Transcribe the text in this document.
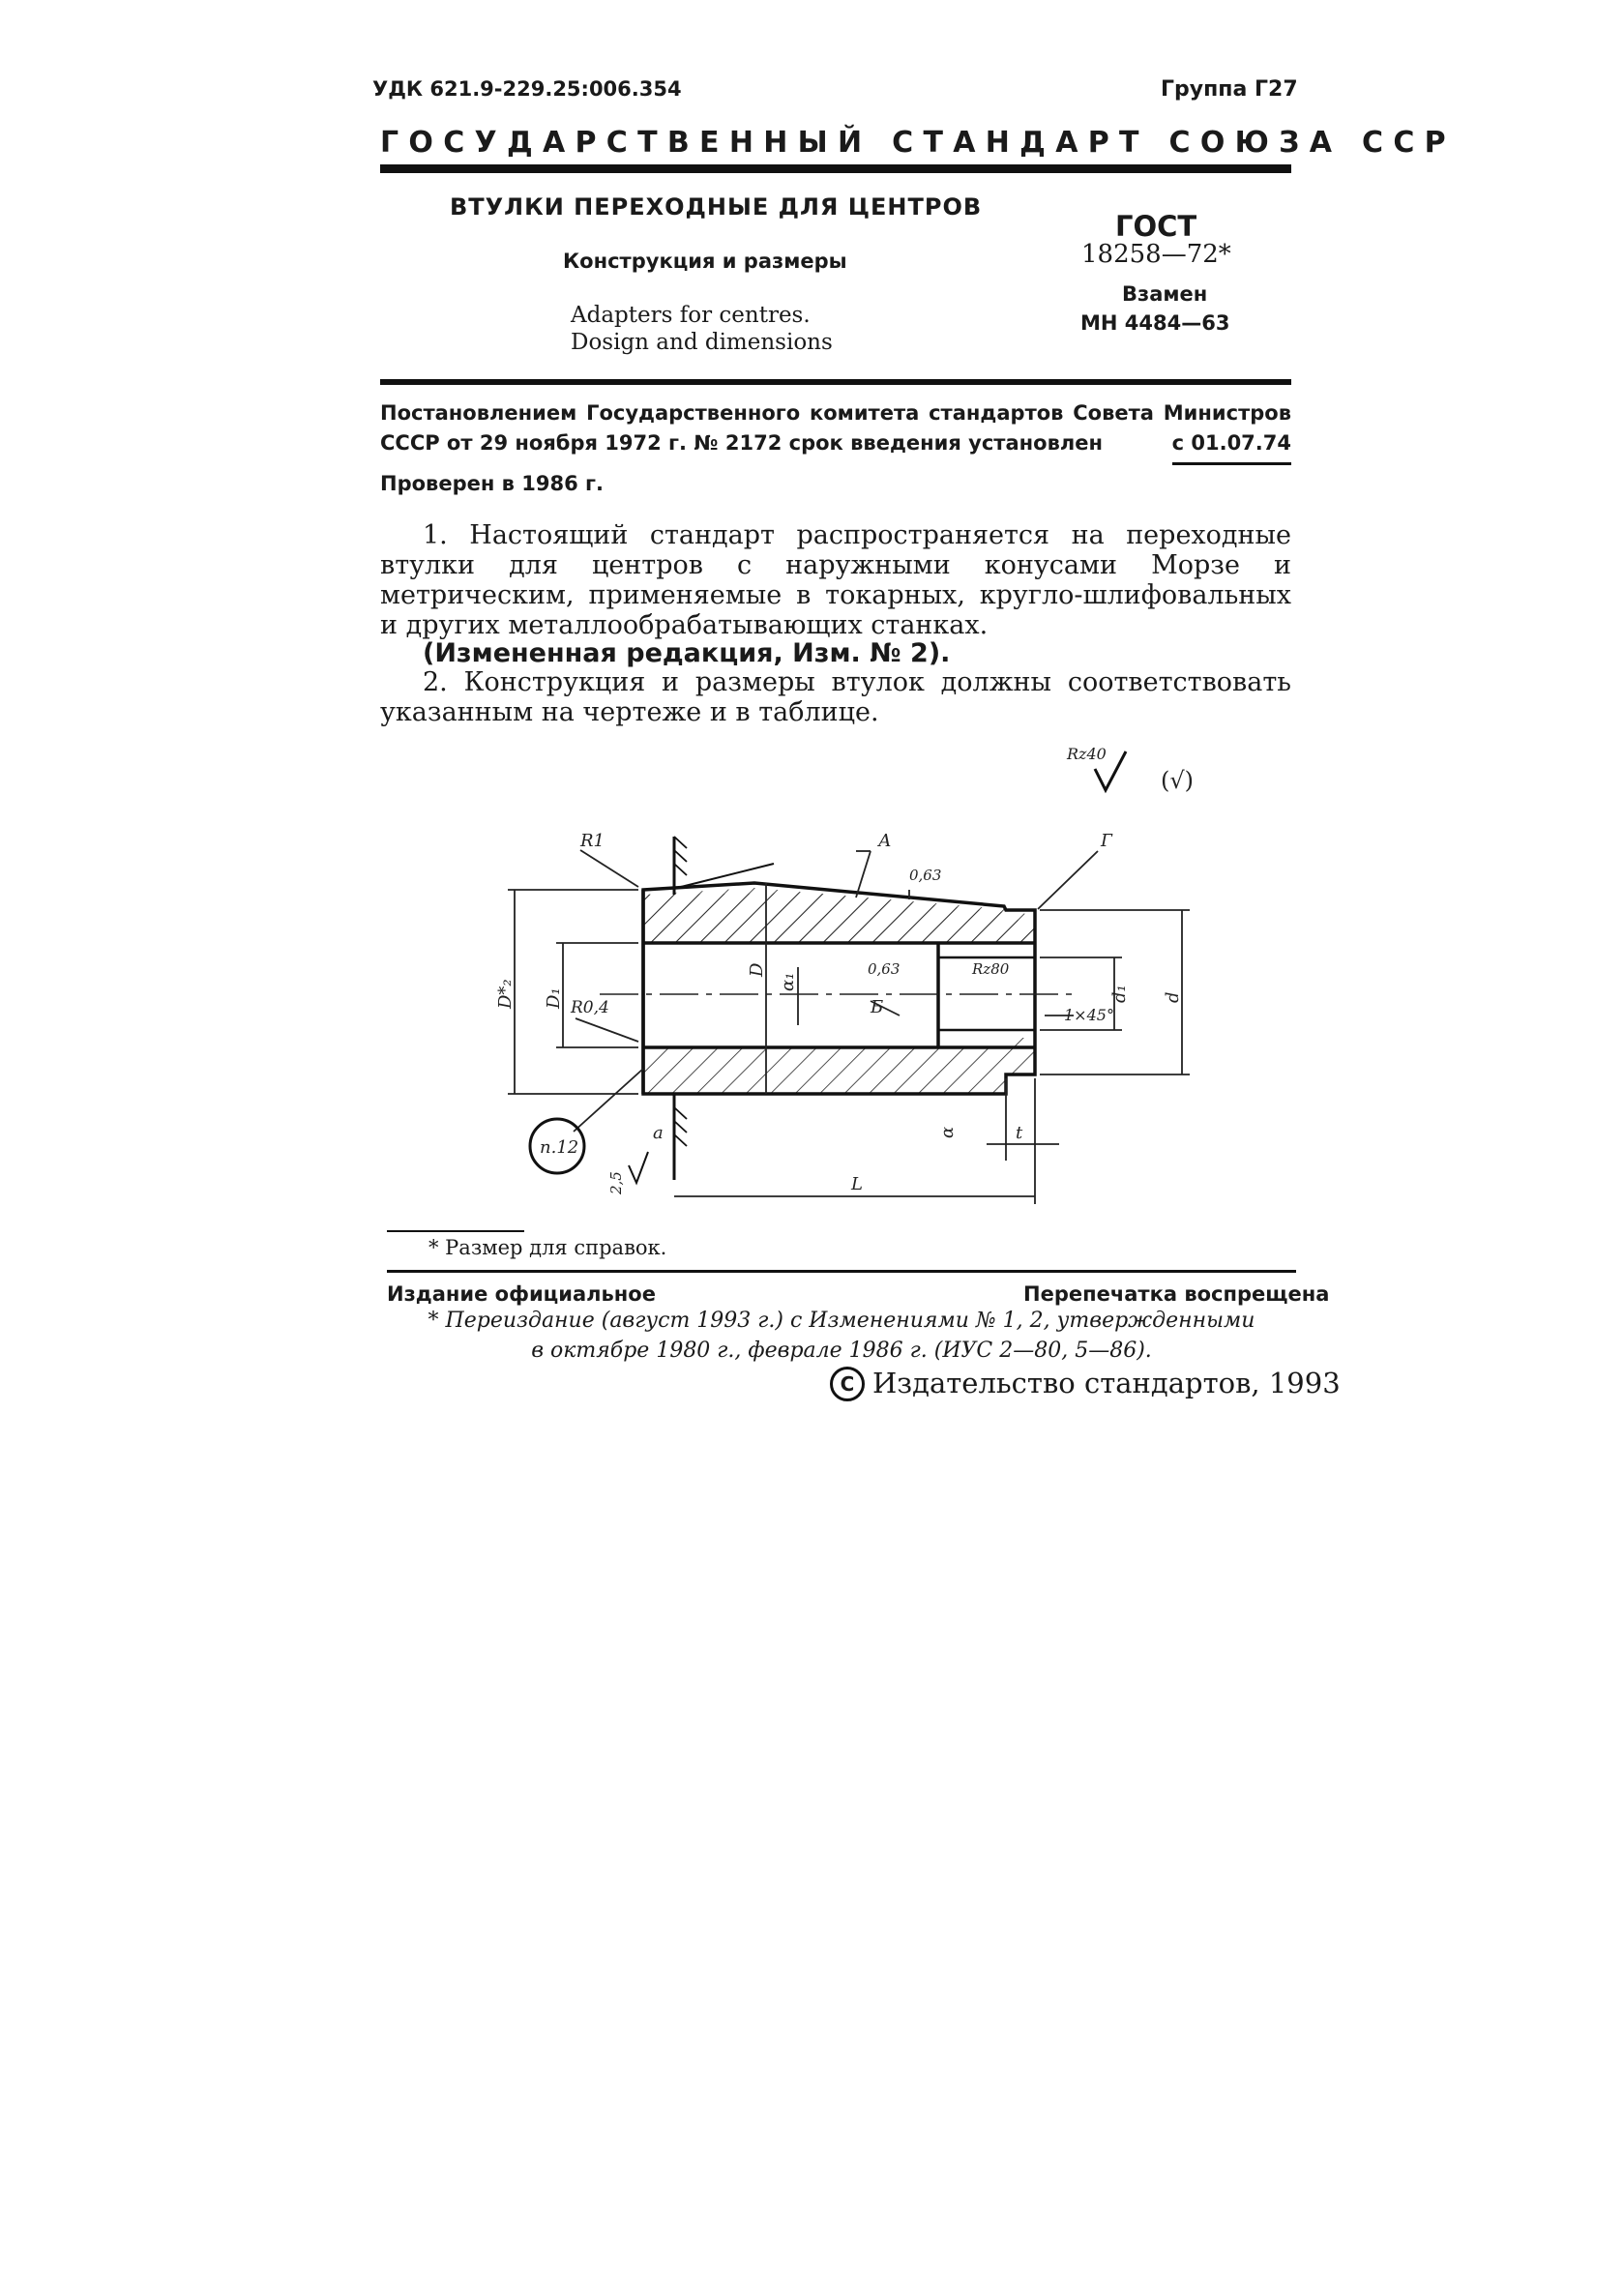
УДК 621.9-229.25:006.354	Группа Г27
ГОСУДАРСТВЕННЫЙ СТАНДАРТ СОЮЗА ССР
ВТУЛКИ ПЕРЕХОДНЫЕ ДЛЯ ЦЕНТРОВ
Конструкция и размеры
Adapters for centres.
Dosign and dimensions
ГОСТ
18258—72*
Взамен
МН 4484—63
Постановлением Государственного комитета стандартов Совета Министров
СССР от 29 ноября 1972 г. № 2172 срок введения установлен	с 01.07.74
Проверен в 1986 г.
1. Настоящий стандарт распространяется на переходные втулки для центров с наружными конусами Морзе и метрическим, применяемые в токарных, кругло-шлифовальных и других металлообрабатывающих станках.
(Измененная редакция, Изм. № 2).
2. Конструкция и размеры втулок должны соответствовать указанным на чертеже и в таблице.
Rz40
(√)
R1	А	Г
0,63
0,63	Rz80
Б
R0,4	1×45°
D
D*₂ D₁	d
d₁
α₁
α
а	t
L
п.12
2,5
* Размер для справок.
Издание официальное	Перепечатка воспрещена
* Переиздание (август 1993 г.) с Изменениями № 1, 2, утвержденными
в октябре 1980 г., феврале 1986 г. (ИУС 2—80, 5—86).
С Издательство стандартов, 1993
